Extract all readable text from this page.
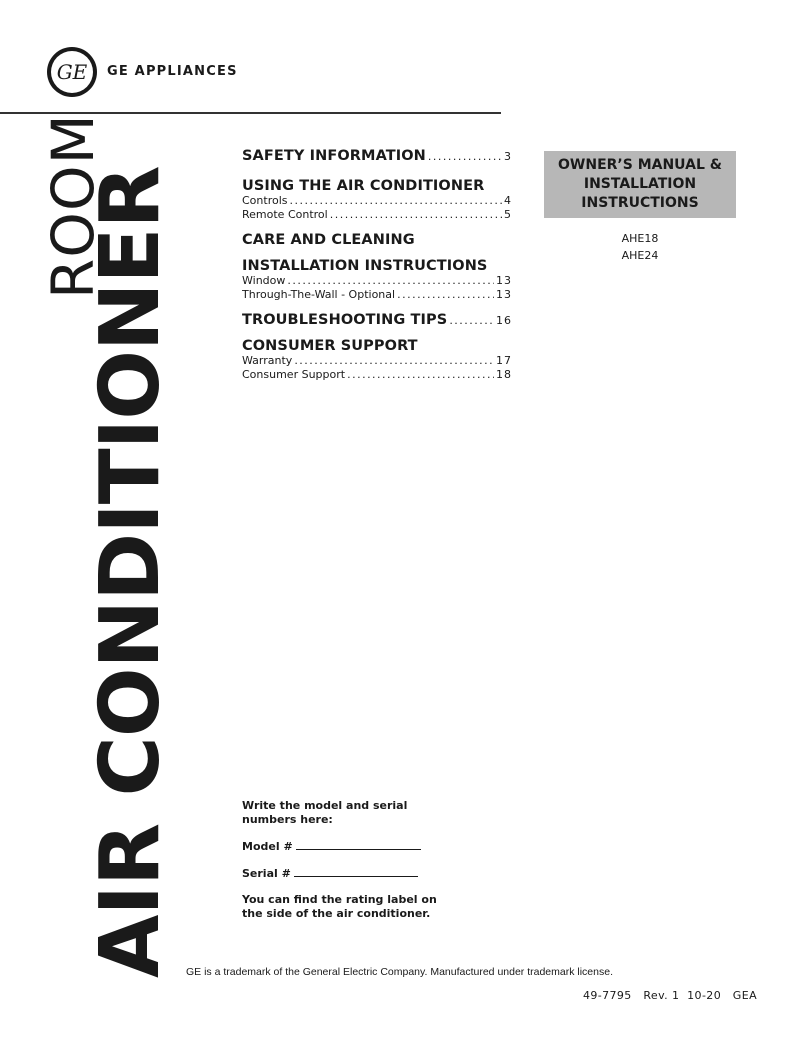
GE GE APPLIANCES
ROOM
AIR CONDITIONER
SAFETY INFORMATION .....	3
USING THE AIR CONDITIONER
Controls .....	4
Remote Control .....	5
CARE AND CLEANING
INSTALLATION INSTRUCTIONS
Window .....	13
Through-The-Wall - Optional .....	13
TROUBLESHOOTING TIPS .....	16
CONSUMER SUPPORT
Warranty .....	17
Consumer Support .....	18
OWNER’S MANUAL &
INSTALLATION
INSTRUCTIONS
AHE18
AHE24

Write the model and serial numbers here:

Model #

Serial #

You can find the rating label on the side of the air conditioner.

GE is a trademark of the General Electric Company. Manufactured under trademark license.
49-7795   Rev. 1  10-20   GEA
